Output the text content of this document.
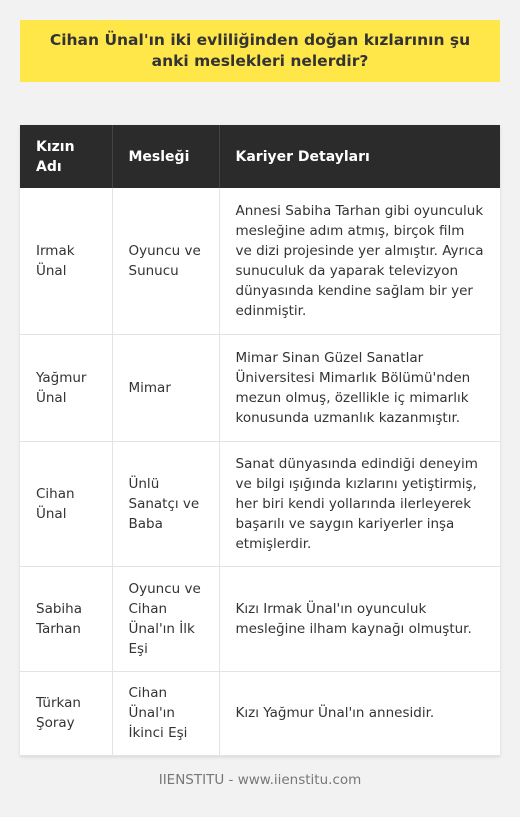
Cihan Ünal'ın iki evliliğinden doğan kızlarının şu anki meslekleri nelerdir?
Kızın Adı	Mesleği	Kariyer Detayları
Irmak Ünal	Oyuncu ve Sunucu	Annesi Sabiha Tarhan gibi oyunculuk mesleğine adım atmış, birçok film ve dizi projesinde yer almıştır. Ayrıca sunuculuk da yaparak televizyon dünyasında kendine sağlam bir yer edinmiştir.
Yağmur Ünal	Mimar	Mimar Sinan Güzel Sanatlar Üniversitesi Mimarlık Bölümü'nden mezun olmuş, özellikle iç mimarlık konusunda uzmanlık kazanmıştır.
Cihan Ünal	Ünlü Sanatçı ve Baba	Sanat dünyasında edindiği deneyim ve bilgi ışığında kızlarını yetiştirmiş, her biri kendi yollarında ilerleyerek başarılı ve saygın kariyerler inşa etmişlerdir.
Sabiha Tarhan	Oyuncu ve Cihan Ünal'ın İlk Eşi	Kızı Irmak Ünal'ın oyunculuk mesleğine ilham kaynağı olmuştur.
Türkan Şoray	Cihan Ünal'ın İkinci Eşi	Kızı Yağmur Ünal'ın annesidir.
IIENSTITU - www.iienstitu.com
